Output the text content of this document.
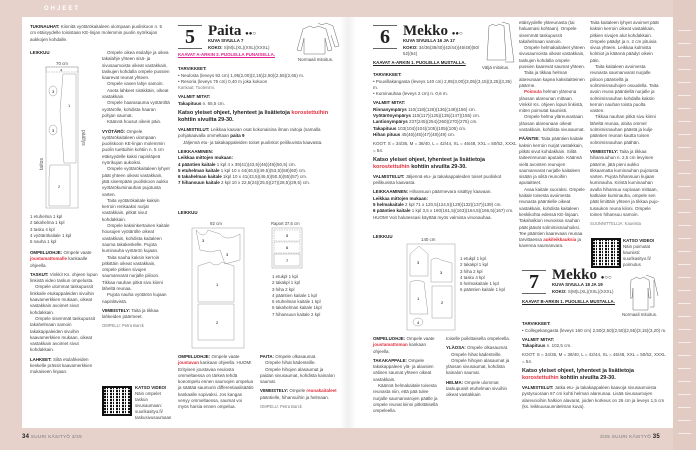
OHJEET

TUKINAUHAT: Kiinnitä vyötärökaitaleen ulompaan puoliskoon n. 5 cm etäisyydelle toisistaan KE-linjan molemmin puolin nyörikujan aukkojen kohdalle.

LEIKKUU
70 cm
4
1
2
3
3
taitos
päällys

1 etuhelma 1 kpl

2 takahelma 1 kpl

3 tasku 4 kpl

4 vyötärökaitale 1 kpl

5 nauha 1 kpl

OMPELUOHJE: Ompele vaate joustamattomalle kankaalle ohjeella.

TASKUT: Vinkki! Ks. ohjeen lopun linkistä video taskun ompelusta.

Ompele ulommat taskupussit linkkaile etukappaleiden sivuihin kaavamerkkien mukaan, oikeat vastakkain avoimet sivut kohdakkain.

Ompele sisemmät taskupussit takahelmaan samoin takakappaleiden sivuihin kaavamerkkien mukaan, oikeat vastakkain avoimet sivut kohdakkain.

LAHKEET: Siltä etulahkeiden keskelle prässit kaavamerkkien mukaiseen linjaan.

Ompele oikea etulahje ja oikea takalahje yhteen sisä- ja sivusaumoista oikeat vastakkain, taskujen kohdalla ompele pussien kaarevat reunat yhteen.

Ompele vasen lahje samoin.

Aseta lahkeet sisäkkäin, oikeat vastakkain.

Ompele haarasauma vyötäröltä vyötärölle, kohdista haaran pohjan saumat.

Käännä housut oikein päin.

VYÖTÄRÖ: Ompele vyötärökaitaleen ulompaan puoliskoon KE-linjan molemmin puolin tuettuihin kohtiin n. 5 cm etäisyydelle kaksi napinläpeä nyörikujan aukoiksi.

Ompele vyötärökaitaleen lyhyet päät yhteen oikeat vastakkain, jätä sisempään puoliskoon aukko vyötärökuminauhan pujotusta varten.

Taita vyötärökaitale kaksin kerroin renkaaksi nurjat vastakkain, pitkät sivut kohdakkain.

Ompele kaksinkertainen kaitale housujen vyötärölle oikeat vastakkain, kohdista kaitaleen sauma takakeskelle. Pujota kuminauha vyötärön kujaan.

Taita nauha kaksin kerroin pitkittäin oikeat vastakkain, ompele pitkien sivujen saumanvarat nurjalle piiloon. Tikkaa nauhan pitkä sivu kiinni läheltä reunaa.

Pujota nauha vyötärön kujaan napinlävistä.

VIIMEISTELY: Taita ja tikkaa lahkeiden päärmeet.

OMPELU: Petra Barck

KATSO VIDEO!

Näin ompelet taskun sivusaumaan: suurikasityo.fi/ taskusivusaumaan

5 Paita ●●○

KUVA SIVULLA 7

KOKO: S(M)L(XL)(XXL)(XXXL)

Normaali mitoitus.

KAAVAT A-ARKIN 3. PUOLELLA PUNAISELLA.

TARVIKKEET:

• Neulosta (leveys 92 cm) 1,95(2,00)(2,15)(2,50)(2,55)(2,65) m.

• Resoria (leveys 75 cm) 0,40 m joka kokoon

Kankaat: Tuotenimi.

VALMIIT MITAT:

Takapituus n. 65,5 cm.

Katso yleiset ohjeet, lyhenteet ja lisätietoja korostettuihin kohtiin sivuilta 29-30.

VALMISTELUT: Leikkaa kaavan osat kokonaisina ilman raitoja (samalla pohjakaavalla ommeltaan paita 9

Jäljennä etu- ja takakappaleiden toiset puoliskot peilikuvista kaavasta.

LEIKKAAMINEN:

Leikkaa mittojen mukaan:

4 pääntien kaitale 1 kpl 4 x 39(41)(43,5)(46)(49)(50,5) cm.

5 etuhelman kaitale 1 kpl 10 x 44(46,5)(49,5)(53,5)(58)(60) cm.

6 takahelman kaitale 1kpl 10 x 41(43,5)(46,5)(50,5)(55)(57) cm.

7 hihansuun kaitale 2 kpl 10 x 22,5(24)(25,5)(27)(28,5)(29,5) cm.

LEIKKUU
92 cm
3
3
1
2
Raport 37,5 cm
5
6
7

1 etukpl 1 kpl

2 takakpl 1 kpl

3 hiha 2 kpl

4 pääntien kaitale 1 kpl

5 etuhelman kaitale 1 kpl

6 takahelman kaitale 1kpl

7 hihansuun kaitale 2 kpl

OMPELUOHJE: Ompele vaate joustavan kankaan ohjeella. HUOM! Erityisen joustavaa neulosta ommeltaessa on tärkeä tehdä koeompelu ennen saumojen ompelua ja säätää saumurin differentiaalisäätiö kankaalle sopivaksi. Jos kangas venyy ommeltaessa, saumat voi myös harsia ennen ompelua.

PAITA: Ompele olkasaumat.

Ompele hihat kädenteille.

Ompele hihojen alasaumat ja paidan sivusaumat, kohdista kainalon saumat.

VIIMEISTELY: Ompele reunakaitaleet pääntielle, hihansuihin ja helmaan.

OMPELU: Petra Barck

6 Mekko ●●○

KUVA SIVUILLA 16 JA 17

KOKO: 34/36(38/40)(42/44)(46/48)(50/52)(54)

Väljä mitoitus.

KAAVAT A-ARKIN 1. PUOLELLA MUSTALLA.

TARVIKKEET:

• Puuvillakangasta (leveys 140 cm) 2,95(3,00)(3,05)(3,15)(3,25)(3,35) m.

• Kuminauhaa (leveys 2 cm) n. 0,6 m.

VALMIIT MITAT:

Rinnanympärys 110(118)(126)(136)(148)(156) cm.

Vyötärönympärys 110(117)(125)(135)(147)(155) cm.

Lantionympärys 237(245)(254)(260)(270)(275) cm.

Takapituus 103(104)(104)(105)(105)(105) cm.

Hihan pituus 45(46)(46)(47)(48)(49) cm.

KOOT: S = 34/36, M = 38/40, L = 42/44, XL = 46/48, XXL = 50/52, XXXL = 54.

Katso yleiset ohjeet, lyhenteet ja lisätietoja korostettuihin kohtiin sivuilta 29-30.

VALMISTELUT: Jäljennä etu- ja takakappaleiden toiset puoliskot peilikuvista kaavasta.

LEIKKAAMINEN: Hihansuun päärmevara sisältyy kaavaan.

Leikkaa mittojen mukaan:

5 helmakaitale 2 kpl 71 x 120,5(124,5)(129)(132)(137)(139) cm.

6 pääntien kaitale 1 kpl 3,5 x 160(161,5)(163)(164,5)(166,5)(167) cm. HUOM! Voit halutessasi käyttää myös valmista vinonauhaa.

LEIKKUU
140 cm
3
3
1
2
4

1 etukpl 1 kpl

2 takakpl 1 kpl

3 hiha 2 kpl

4 tasku 4 kpl

5 helmakaitale 1 kpl

6 pääntien kaitale 1 kpl

OMPELUOHJE: Ompele vaate joustamattoman kankaan ohjeella.

TAKAKAPPALE: Ompele takakappaleen ylä- ja alaosien välinen saumat yhteen oikeat vastakkain.

Käännä helmakaitale toisesta reunasta niin, että pää tulee nurjalle saumanvarojen päälle ja ompele reunat kiinni pitkittäisellä ompeleella.

toiselle poikittaisella ompeleella.

YLÄOSA: Ompele olkasaumat.

Ompele hihat kädenteille.

Ompele hihojen alasaumat ja yläosan sivusaumat, kohdista kainalon saumat.

HELMA: Ompele ulommat taskupussit etuhelman sivuihin oikeat vastakkain

etäisyydelle yläreunasta (tai haluamasi kohtaan). Ompele sisemmät taskupussit takahelmaan samoin.

Ompele helmakaitaleet yhteen sivusaumoista oikeat vastakkain, taskujen kohdalla ompele pussien kaarevat saumat yhteen.

Taita ja tikkaa helman alareunaan kapea kaksitaitteinen päärme.

Poimuta helman yläreuna yläosan alareunan mittaan. Vinkki! Ks. ohjeen lopun linkistä, miten poimutat kauniisti.

Ompele helma yläreunastaan yläosan alareunaan oikeat vastakkain, kohdista sivusaumat.

PÄÄNTIE: Taita pääntien kaitale kaksin kerroin nurjat vastakkain, pitkät sivut kohdakkain. Silitä taiteenreunan aputaite. Käännä vielä avointen reunojen saumanvarat nurjalle kaitaleen sisään ja silitä reunoihin aputaitteet.

Avaa kaitale suoraksi. Ompele kaitale toisesta avoimesta reunasta pääntielle oikeat vastakkain, kohdista kaitaleen keskikohta edessä KE-linjaan. Takahalkion reunoissa nauhan päät jäävät solmimisnauhoiksi. Tee pääntien kaarevaan reunaa tarvittaessa aukileikkauksia ja kavenna saumanvara.

Taita kaitaleen lyhyet avoimet päät kaksin kerroin oikeat vastakkain, pitkien sivujen alut kohdakkain. Ompele päädyt ja n. 2 cm pituisia sivua yhteen. Leikkaa kulmista kolmiot ja käännä päädyt oikein päin.

Taita kaitaleen avoimesta reunasta saumanvarat nurjalle piiloon pääntiellä ja solmimisnauhojen osuudella. Taita avoin reuna pääntiellä nurjalle ja solmimisnauhan kohdalla kaksin kerroin nauhan toista puolta vasten.

Tikkaa nauhan pitkä sivu kiinni läheltä reunaa, aloita ommel solmimisnauhan päästä ja kulje pääntien reunan kautta toisen solmimisnauhan päähän.

VIIMEISTELY: Taita ja tikkaa hihansuuhun n. 2,5 cm levyinen päärme, jätä pieni aukko tikkaamatta kuminauhan pujotusta varten. Pujota hihansuun kujaan kuminauha. Kiristä kuminauhan avulla hihansuu sopivaan mittaan, katkaise kuminauha, ompele sen päät limittäin yhteen ja tikkaa pujo-tusaukon reuna kiinni. Ompele toinen hihansuu samoin.

SUUNNITTELIJA: Kaunista

KATSO VIDEO!

Näin poimutat kauniisti: suurikasityo.fi/ poimutus

7 Mekko ●○○

KUVA SIVULLA 18 JA 19

KOKO: S(M)L(XL)(XXL)(XXXL)

Normaali mitoitus.

KAAVAT B-ARKIN 1. PUOLELLA MUSTALLA.

TARVIKKEET:

• Collegekangasta (leveys 160 cm) 2,50(2,50)(2,50)(2,55)(3,15)(3,20) m.

VALMIIT MITAT:

Takapituus n. 102,5 cm.

KOOT: S = 34/36, M = 38/40, L = 42/44, XL = 46/48, XXL = 50/52, XXXL = 54.

Katso yleiset ohjeet, lyhenteet ja lisätietoja korostettuihin kohtiin sivuilta 29-30.

VALMISTELUT: Jatka etu- ja takakappaleen kaavoja sivusaumoista pystysuoraan 67 cm kohti helman alareunaa. Lisää sivusaumojen alareunoihin halkion alavarat, joiden korkeus on 26 cm ja leveys 1,5 cm (ks. leikkuusuunnitelman kuva).

34 SUURI KÄSITYÖ 3/25	3/25 SUURI KÄSITYÖ 35
